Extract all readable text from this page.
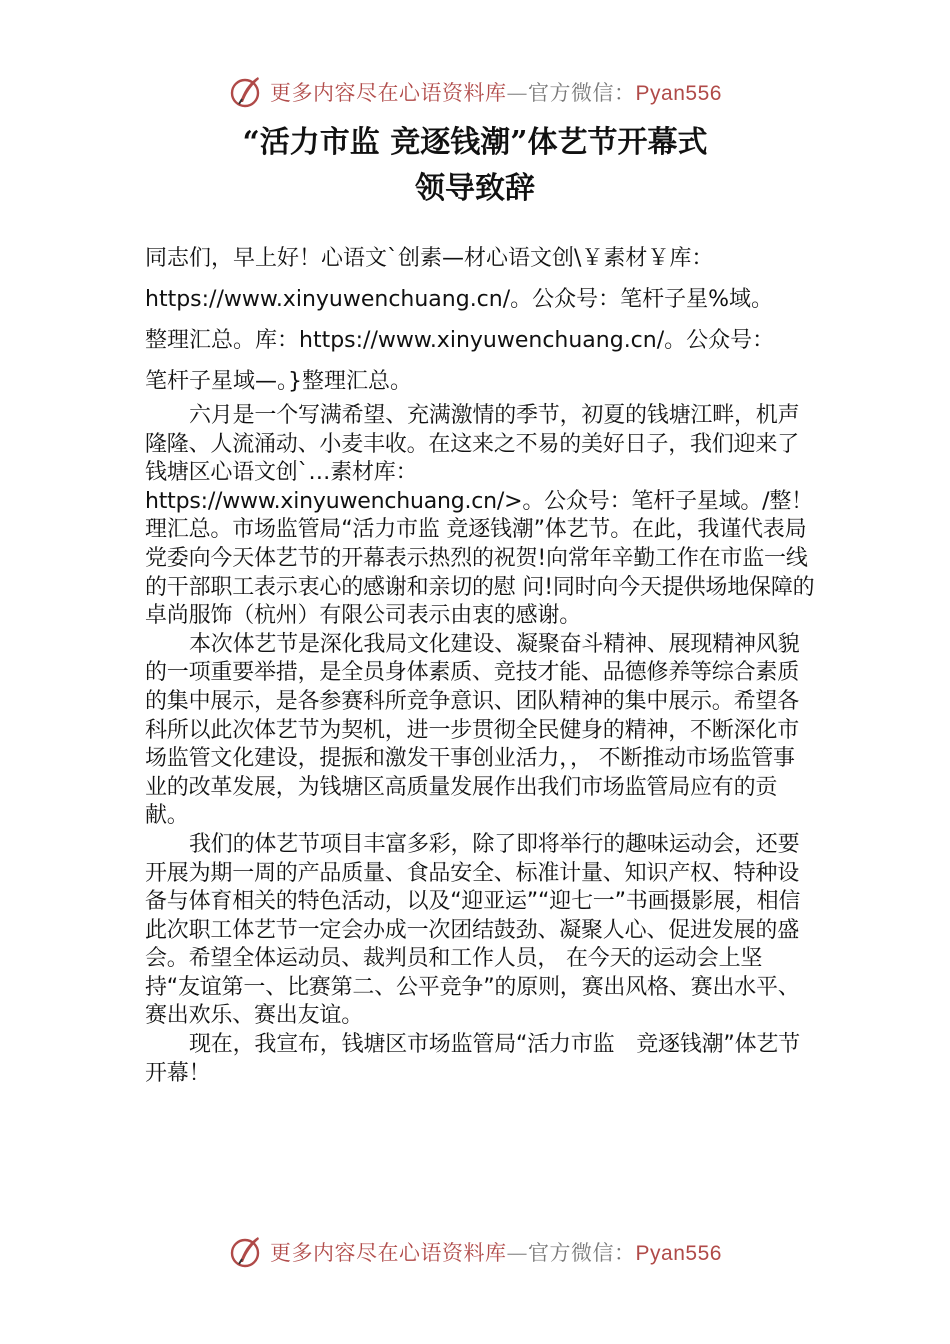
更多内容尽在心语资料库—官方微信：Pyan556
“活力市监 竞逐钱潮”体艺节开幕式
领导致辞

同志们，早上好！心语文`创素—材心语文创\￥素材￥库：

https://www.xinyuwenchuang.cn/。公众号：笔杆子星%域。

整理汇总。库：https://www.xinyuwenchuang.cn/。公众号：

笔杆子星域—。}整理汇总。

六月是一个写满希望、充满激情的季节，初夏的钱塘江畔，机声隆隆、人流涌动、小麦丰收。在这来之不易的美好日子，我们迎来了钱塘区心语文创`…素材库：https://www.xinyuwenchuang.cn/>。公众号：笔杆子星域。/整！理汇总。市场监管局“活力市监 竞逐钱潮”体艺节。在此，我谨代表局党委向今天体艺节的开幕表示热烈的祝贺!向常年辛勤工作在市监一线的干部职工表示衷心的感谢和亲切的慰 问!同时向今天提供场地保障的卓尚服饰（杭州）有限公司表示由衷的感谢。

本次体艺节是深化我局文化建设、凝聚奋斗精神、展现精神风貌的一项重要举措，是全员身体素质、竞技才能、品德修养等综合素质的集中展示，是各参赛科所竞争意识、团队精神的集中展示。希望各科所以此次体艺节为契机，进一步贯彻全民健身的精神，不断深化市场监管文化建设，提振和激发干事创业活力，， 不断推动市场监管事业的改革发展，为钱塘区高质量发展作出我们市场监管局应有的贡献。

我们的体艺节项目丰富多彩，除了即将举行的趣味运动会，还要开展为期一周的产品质量、食品安全、标准计量、知识产权、特种设备与体育相关的特色活动，以及“迎亚运”“迎七一”书画摄影展，相信此次职工体艺节一定会办成一次团结鼓劲、凝聚人心、促进发展的盛会。希望全体运动员、裁判员和工作人员， 在今天的运动会上坚持“友谊第一、比赛第二、公平竞争”的原则，赛出风格、赛出水平、赛出欢乐、赛出友谊。

现在，我宣布，钱塘区市场监管局“活力市监　竞逐钱潮”体艺节开幕！

更多内容尽在心语资料库—官方微信：Pyan556
